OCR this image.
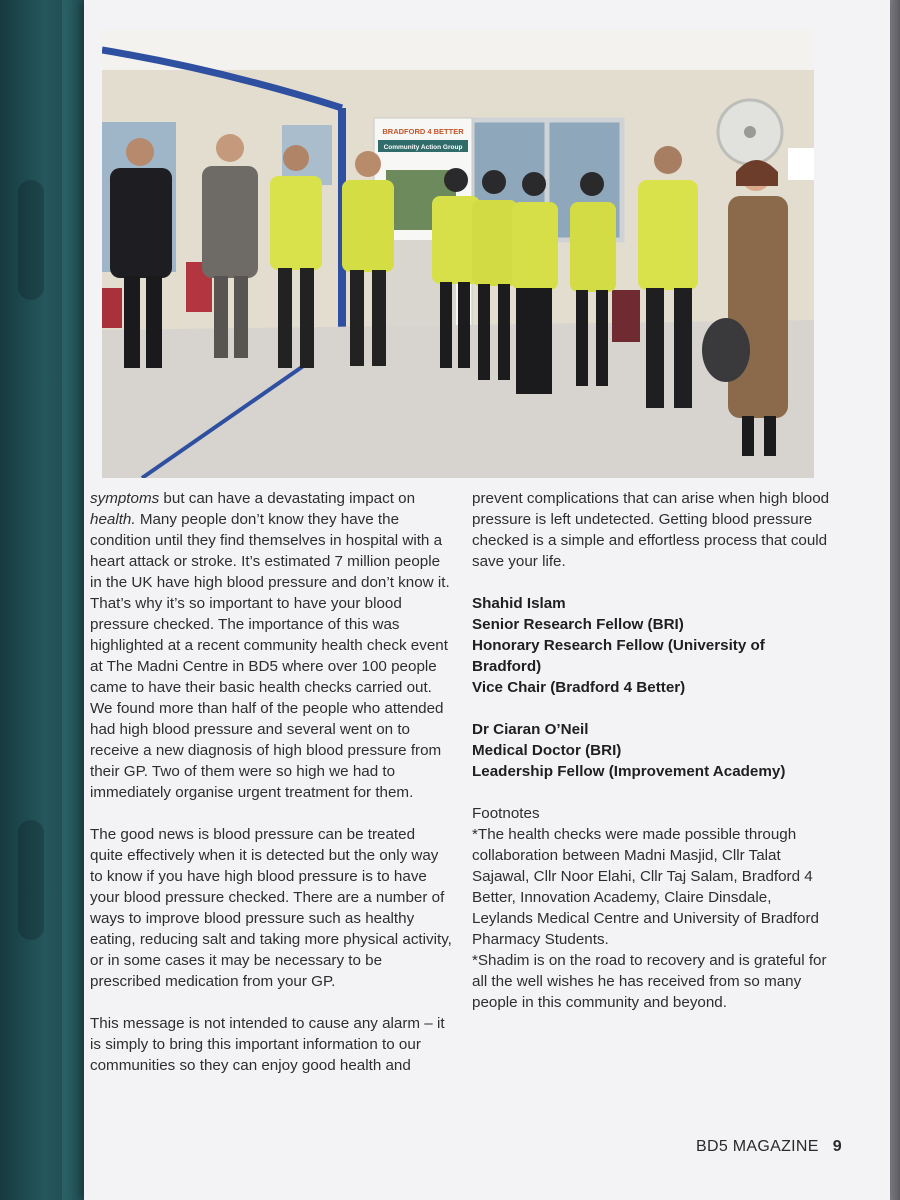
BRADFORD 4 BETTER
Community Action Group

symptoms but can have a devastating impact on health. Many people don’t know they have the condition until they find themselves in hospital with a heart attack or stroke. It’s estimated 7 million people in the UK have high blood pressure and don’t know it. That’s why it’s so important to have your blood pressure checked. The importance of this was highlighted at a recent community health check event at The Madni Centre in BD5 where over 100 people came to have their basic health checks carried out. We found more than half of the people who attended had high blood pressure and several went on to receive a new diagnosis of high blood pressure from their GP. Two of them were so high we had to immediately organise urgent treatment for them.

The good news is blood pressure can be treated quite effectively when it is detected but the only way to know if you have high blood pressure is to have your blood pressure checked. There are a number of ways to improve blood pressure such as healthy eating, reducing salt and taking more physical activity, or in some cases it may be necessary to be prescribed medication from your GP.

This message is not intended to cause any alarm – it is simply to bring this important information to our communities so they can enjoy good health and

prevent complications that can arise when high blood pressure is left undetected. Getting blood pressure checked is a simple and effortless process that could save your life.

Shahid Islam

Senior Research Fellow (BRI)

Honorary Research Fellow (University of Bradford)

Vice Chair (Bradford 4 Better)

Dr Ciaran O’Neil

Medical Doctor (BRI)

Leadership Fellow (Improvement Academy)

Footnotes

*The health checks were made possible through collaboration between Madni Masjid, Cllr Talat Sajawal, Cllr Noor Elahi, Cllr Taj Salam, Bradford 4 Better, Innovation Academy, Claire Dinsdale, Leylands Medical Centre and University of Bradford Pharmacy Students.

*Shadim is on the road to recovery and is grateful for all the well wishes he has received from so many people in this community and beyond.

BD5 MAGAZINE 9
